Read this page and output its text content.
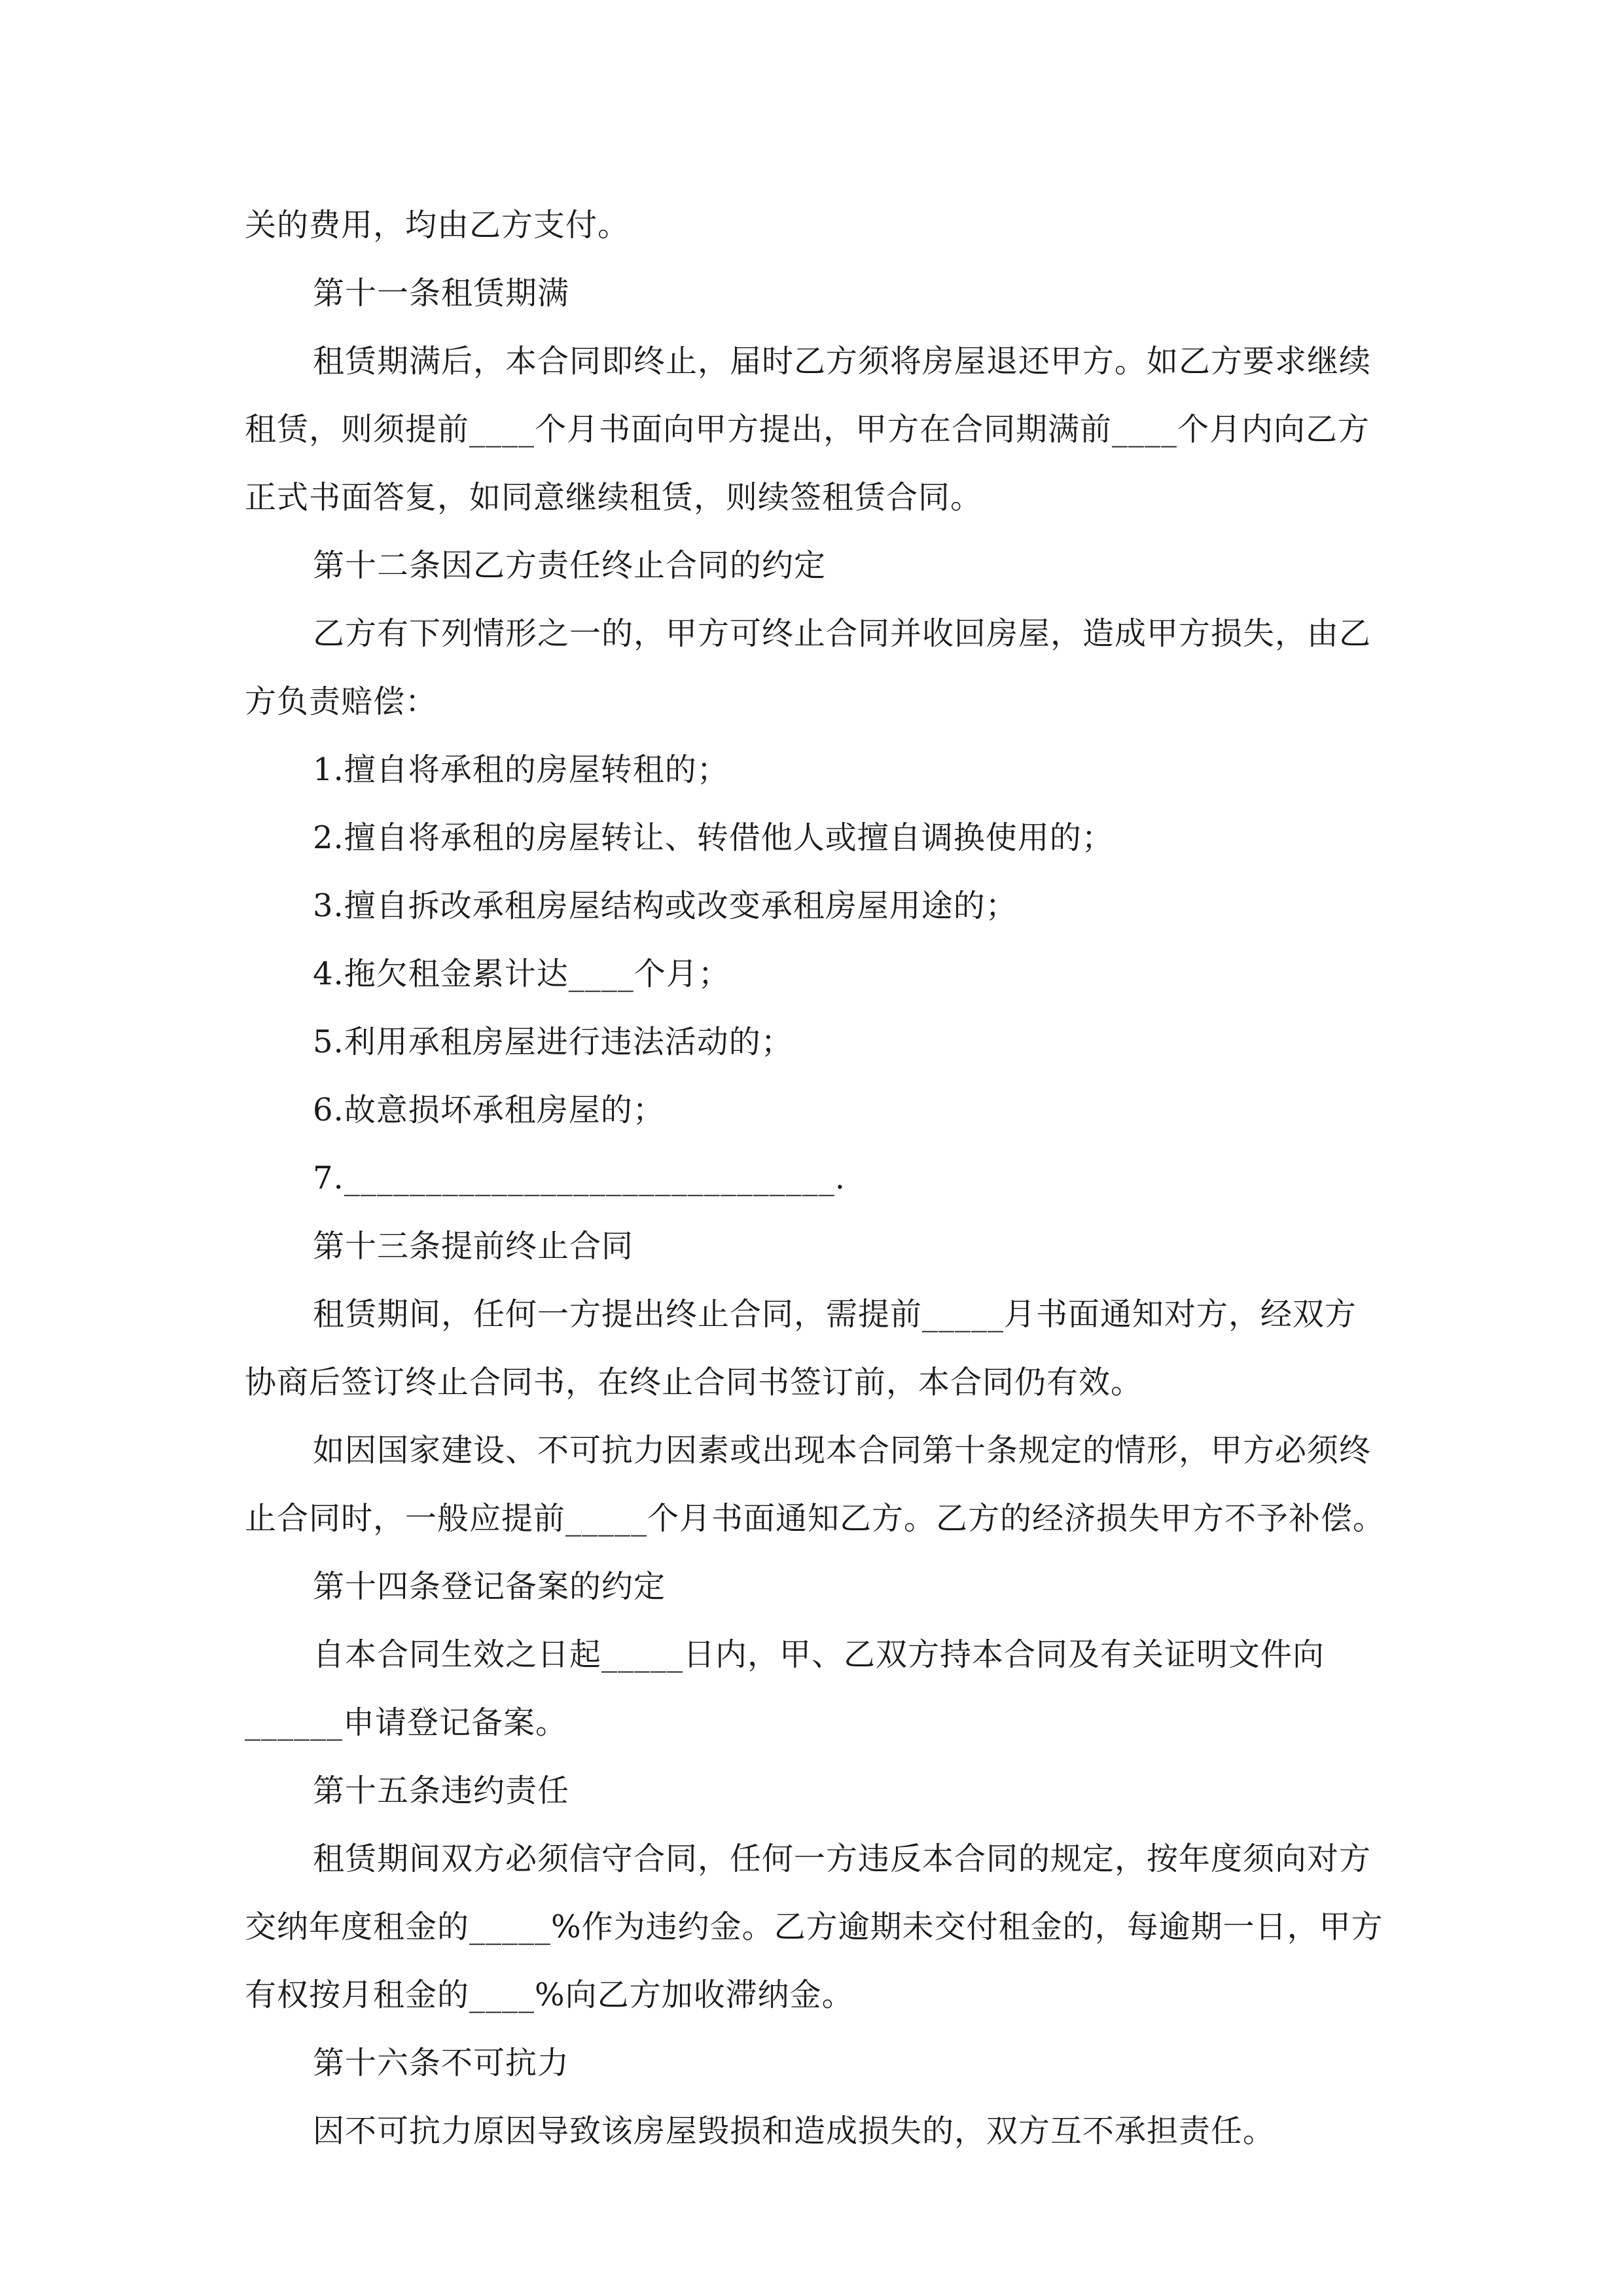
关的费用，均由乙方支付。
第十一条租赁期满
租赁期满后，本合同即终止，届时乙方须将房屋退还甲方。如乙方要求继续
租赁，则须提前____个月书面向甲方提出，甲方在合同期满前____个月内向乙方
正式书面答复，如同意继续租赁，则续签租赁合同。
第十二条因乙方责任终止合同的约定
乙方有下列情形之一的，甲方可终止合同并收回房屋，造成甲方损失，由乙
方负责赔偿：
1.擅自将承租的房屋转租的；
2.擅自将承租的房屋转让、转借他人或擅自调换使用的；
3.擅自拆改承租房屋结构或改变承租房屋用途的；
4.拖欠租金累计达____个月；
5.利用承租房屋进行违法活动的；
6.故意损坏承租房屋的；
7.______________________________.
第十三条提前终止合同
租赁期间，任何一方提出终止合同，需提前_____月书面通知对方，经双方
协商后签订终止合同书，在终止合同书签订前，本合同仍有效。
如因国家建设、不可抗力因素或出现本合同第十条规定的情形，甲方必须终
止合同时，一般应提前_____个月书面通知乙方。乙方的经济损失甲方不予补偿。
第十四条登记备案的约定
自本合同生效之日起_____日内，甲、乙双方持本合同及有关证明文件向
______申请登记备案。
第十五条违约责任
租赁期间双方必须信守合同，任何一方违反本合同的规定，按年度须向对方
交纳年度租金的_____%作为违约金。乙方逾期未交付租金的，每逾期一日，甲方
有权按月租金的____%向乙方加收滞纳金。
第十六条不可抗力
因不可抗力原因导致该房屋毁损和造成损失的，双方互不承担责任。
